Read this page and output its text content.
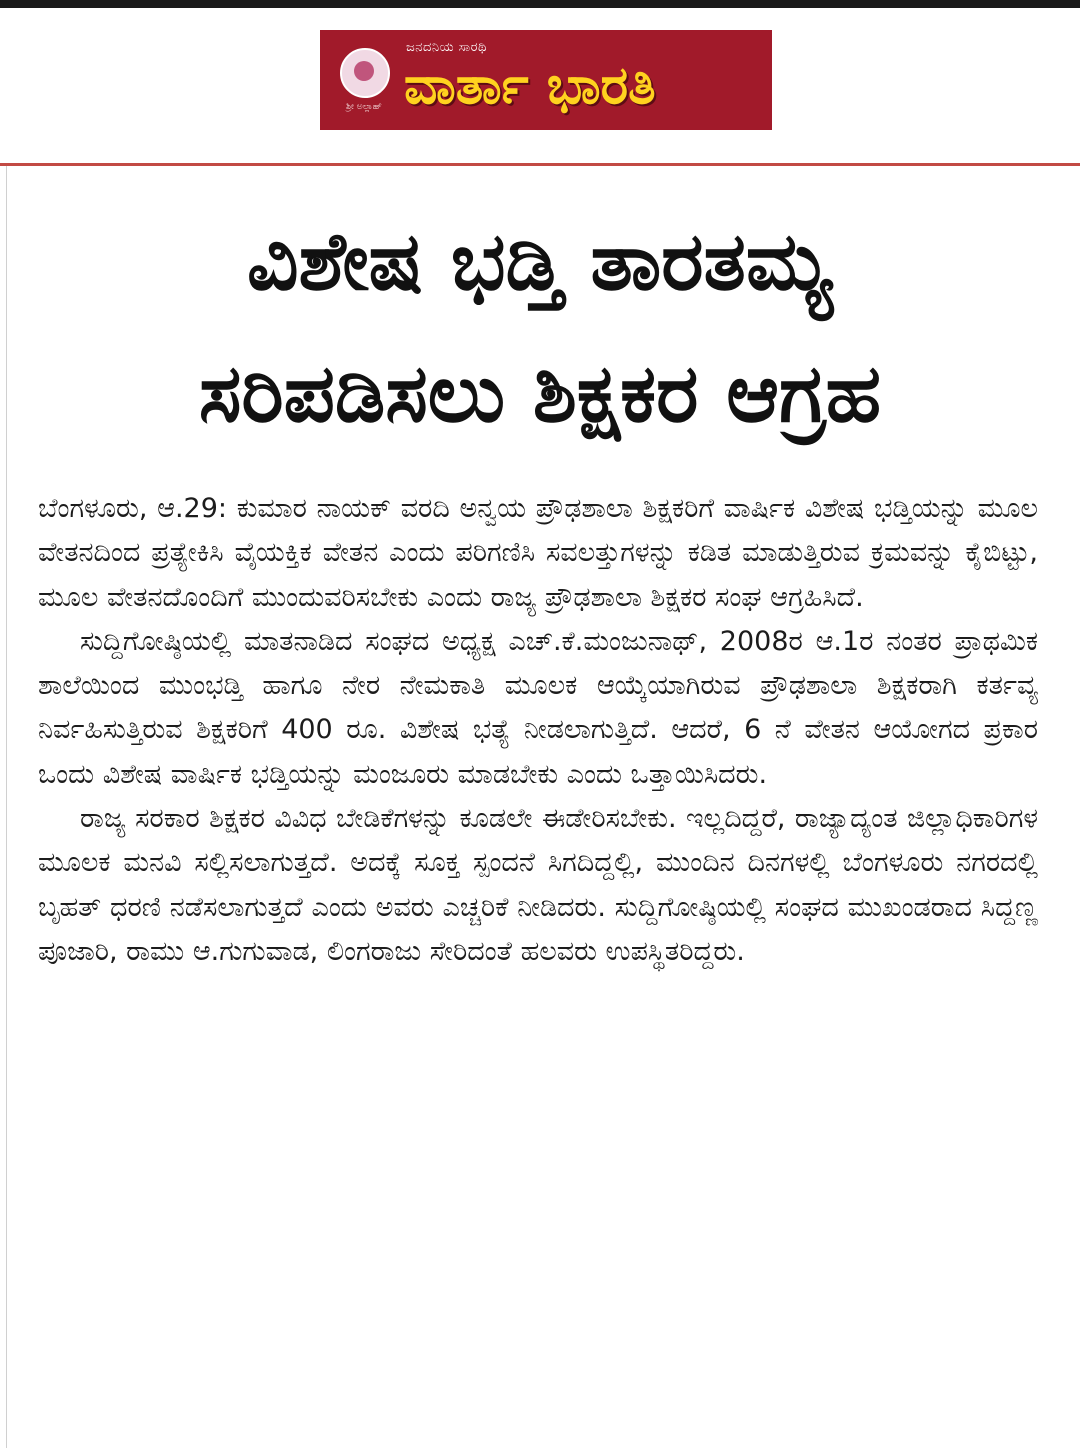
ಶ್ರೀ ಅಲ್ಲಾಹ್
ಜನದನಿಯ ಸಾರಥಿ
ವಾರ್ತಾ ಭಾರತಿ
ವಿಶೇಷ ಭಡ್ತಿ ತಾರತಮ್ಯ
ಸರಿಪಡಿಸಲು ಶಿಕ್ಷಕರ ಆಗ್ರಹ

ಬೆಂಗಳೂರು, ಆ.29: ಕುಮಾರ ನಾಯಕ್ ವರದಿ ಅನ್ವಯ ಪ್ರೌಢಶಾಲಾ ಶಿಕ್ಷಕರಿಗೆ ವಾರ್ಷಿಕ ವಿಶೇಷ ಭಡ್ತಿಯನ್ನು ಮೂಲ ವೇತನದಿಂದ ಪ್ರತ್ಯೇಕಿಸಿ ವೈಯಕ್ತಿಕ ವೇತನ ಎಂದು ಪರಿಗಣಿಸಿ ಸವಲತ್ತುಗಳನ್ನು ಕಡಿತ ಮಾಡುತ್ತಿರುವ ಕ್ರಮವನ್ನು ಕೈಬಿಟ್ಟು, ಮೂಲ ವೇತನದೊಂದಿಗೆ ಮುಂದುವರಿಸಬೇಕು ಎಂದು ರಾಜ್ಯ ಪ್ರೌಢಶಾಲಾ ಶಿಕ್ಷಕರ ಸಂಘ ಆಗ್ರಹಿಸಿದೆ.

ಸುದ್ದಿಗೋಷ್ಠಿಯಲ್ಲಿ ಮಾತನಾಡಿದ ಸಂಘದ ಅಧ್ಯಕ್ಷ ಎಚ್.ಕೆ.ಮಂಜುನಾಥ್, 2008ರ ಆ.1ರ ನಂತರ ಪ್ರಾಥಮಿಕ ಶಾಲೆಯಿಂದ ಮುಂಭಡ್ತಿ ಹಾಗೂ ನೇರ ನೇಮಕಾತಿ ಮೂಲಕ ಆಯ್ಕೆಯಾಗಿರುವ ಪ್ರೌಢಶಾಲಾ ಶಿಕ್ಷಕರಾಗಿ ಕರ್ತವ್ಯ ನಿರ್ವಹಿಸುತ್ತಿರುವ ಶಿಕ್ಷಕರಿಗೆ 400 ರೂ. ವಿಶೇಷ ಭತ್ಯೆ ನೀಡಲಾಗುತ್ತಿದೆ. ಆದರೆ, 6 ನೆ ವೇತನ ಆಯೋಗದ ಪ್ರಕಾರ ಒಂದು ವಿಶೇಷ ವಾರ್ಷಿಕ ಭಡ್ತಿಯನ್ನು ಮಂಜೂರು ಮಾಡಬೇಕು ಎಂದು ಒತ್ತಾಯಿಸಿದರು.

ರಾಜ್ಯ ಸರಕಾರ ಶಿಕ್ಷಕರ ವಿವಿಧ ಬೇಡಿಕೆಗಳನ್ನು ಕೂಡಲೇ ಈಡೇರಿಸಬೇಕು. ಇಲ್ಲದಿದ್ದರೆ, ರಾಜ್ಯಾದ್ಯಂತ ಜಿಲ್ಲಾಧಿಕಾರಿಗಳ ಮೂಲಕ ಮನವಿ ಸಲ್ಲಿಸಲಾಗುತ್ತದೆ. ಅದಕ್ಕೆ ಸೂಕ್ತ ಸ್ಪಂದನೆ ಸಿಗದಿದ್ದಲ್ಲಿ, ಮುಂದಿನ ದಿನಗಳಲ್ಲಿ ಬೆಂಗಳೂರು ನಗರದಲ್ಲಿ ಬೃಹತ್ ಧರಣಿ ನಡೆಸಲಾಗುತ್ತದೆ ಎಂದು ಅವರು ಎಚ್ಚರಿಕೆ ನೀಡಿದರು. ಸುದ್ದಿಗೋಷ್ಠಿಯಲ್ಲಿ ಸಂಘದ ಮುಖಂಡರಾದ ಸಿದ್ದಣ್ಣ ಪೂಜಾರಿ, ರಾಮು ಆ.ಗುಗುವಾಡ, ಲಿಂಗರಾಜು ಸೇರಿದಂತೆ ಹಲವರು ಉಪಸ್ಥಿತರಿದ್ದರು.
